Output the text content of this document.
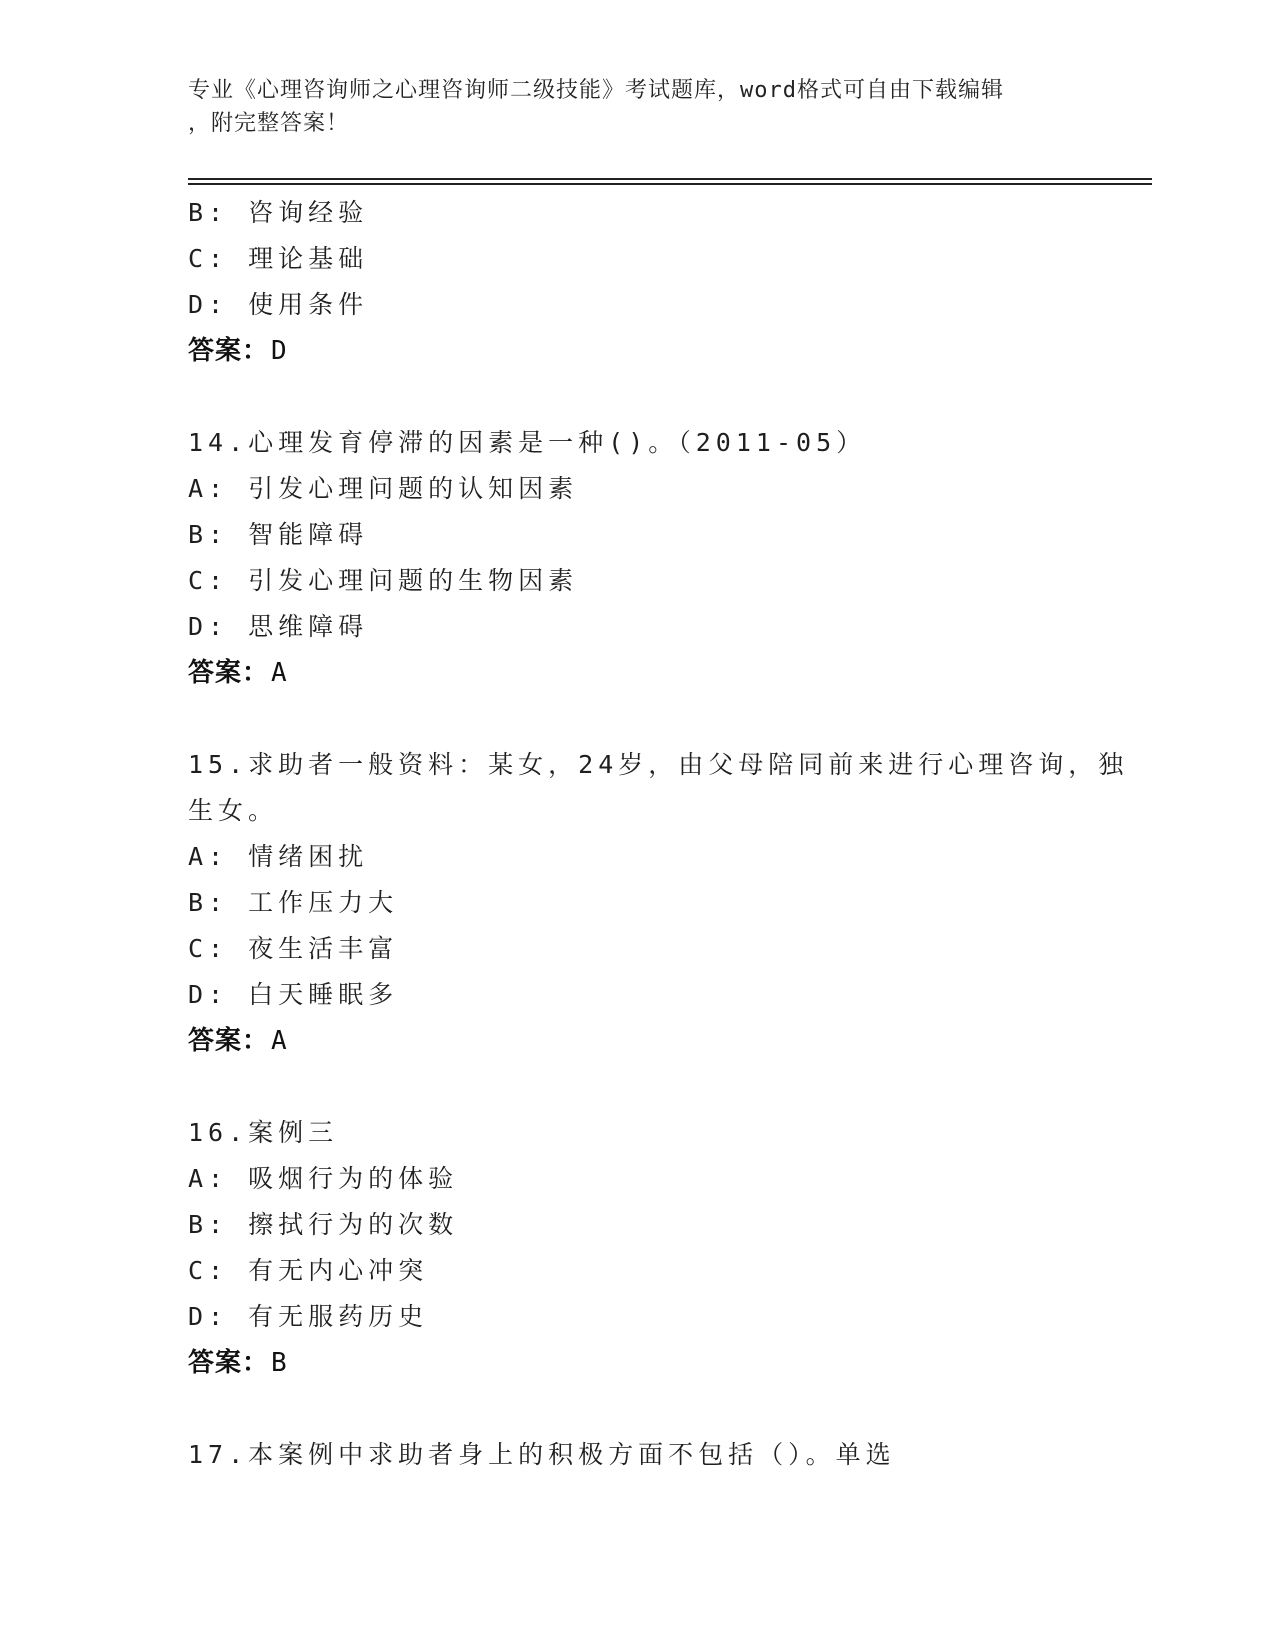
专业《心理咨询师之心理咨询师二级技能》考试题库，word格式可自由下载编辑
，附完整答案！
B: 咨询经验
C: 理论基础
D: 使用条件
答案：D
14.心理发育停滞的因素是一种()。（2011-05）
A: 引发心理问题的认知因素
B: 智能障碍
C: 引发心理问题的生物因素
D: 思维障碍
答案：A
15.求助者一般资料：某女，24岁，由父母陪同前来进行心理咨询，独
生女。
A: 情绪困扰
B: 工作压力大
C: 夜生活丰富
D: 白天睡眠多
答案：A
16.案例三
A: 吸烟行为的体验
B: 擦拭行为的次数
C: 有无内心冲突
D: 有无服药历史
答案：B
17.本案例中求助者身上的积极方面不包括（）。单选
